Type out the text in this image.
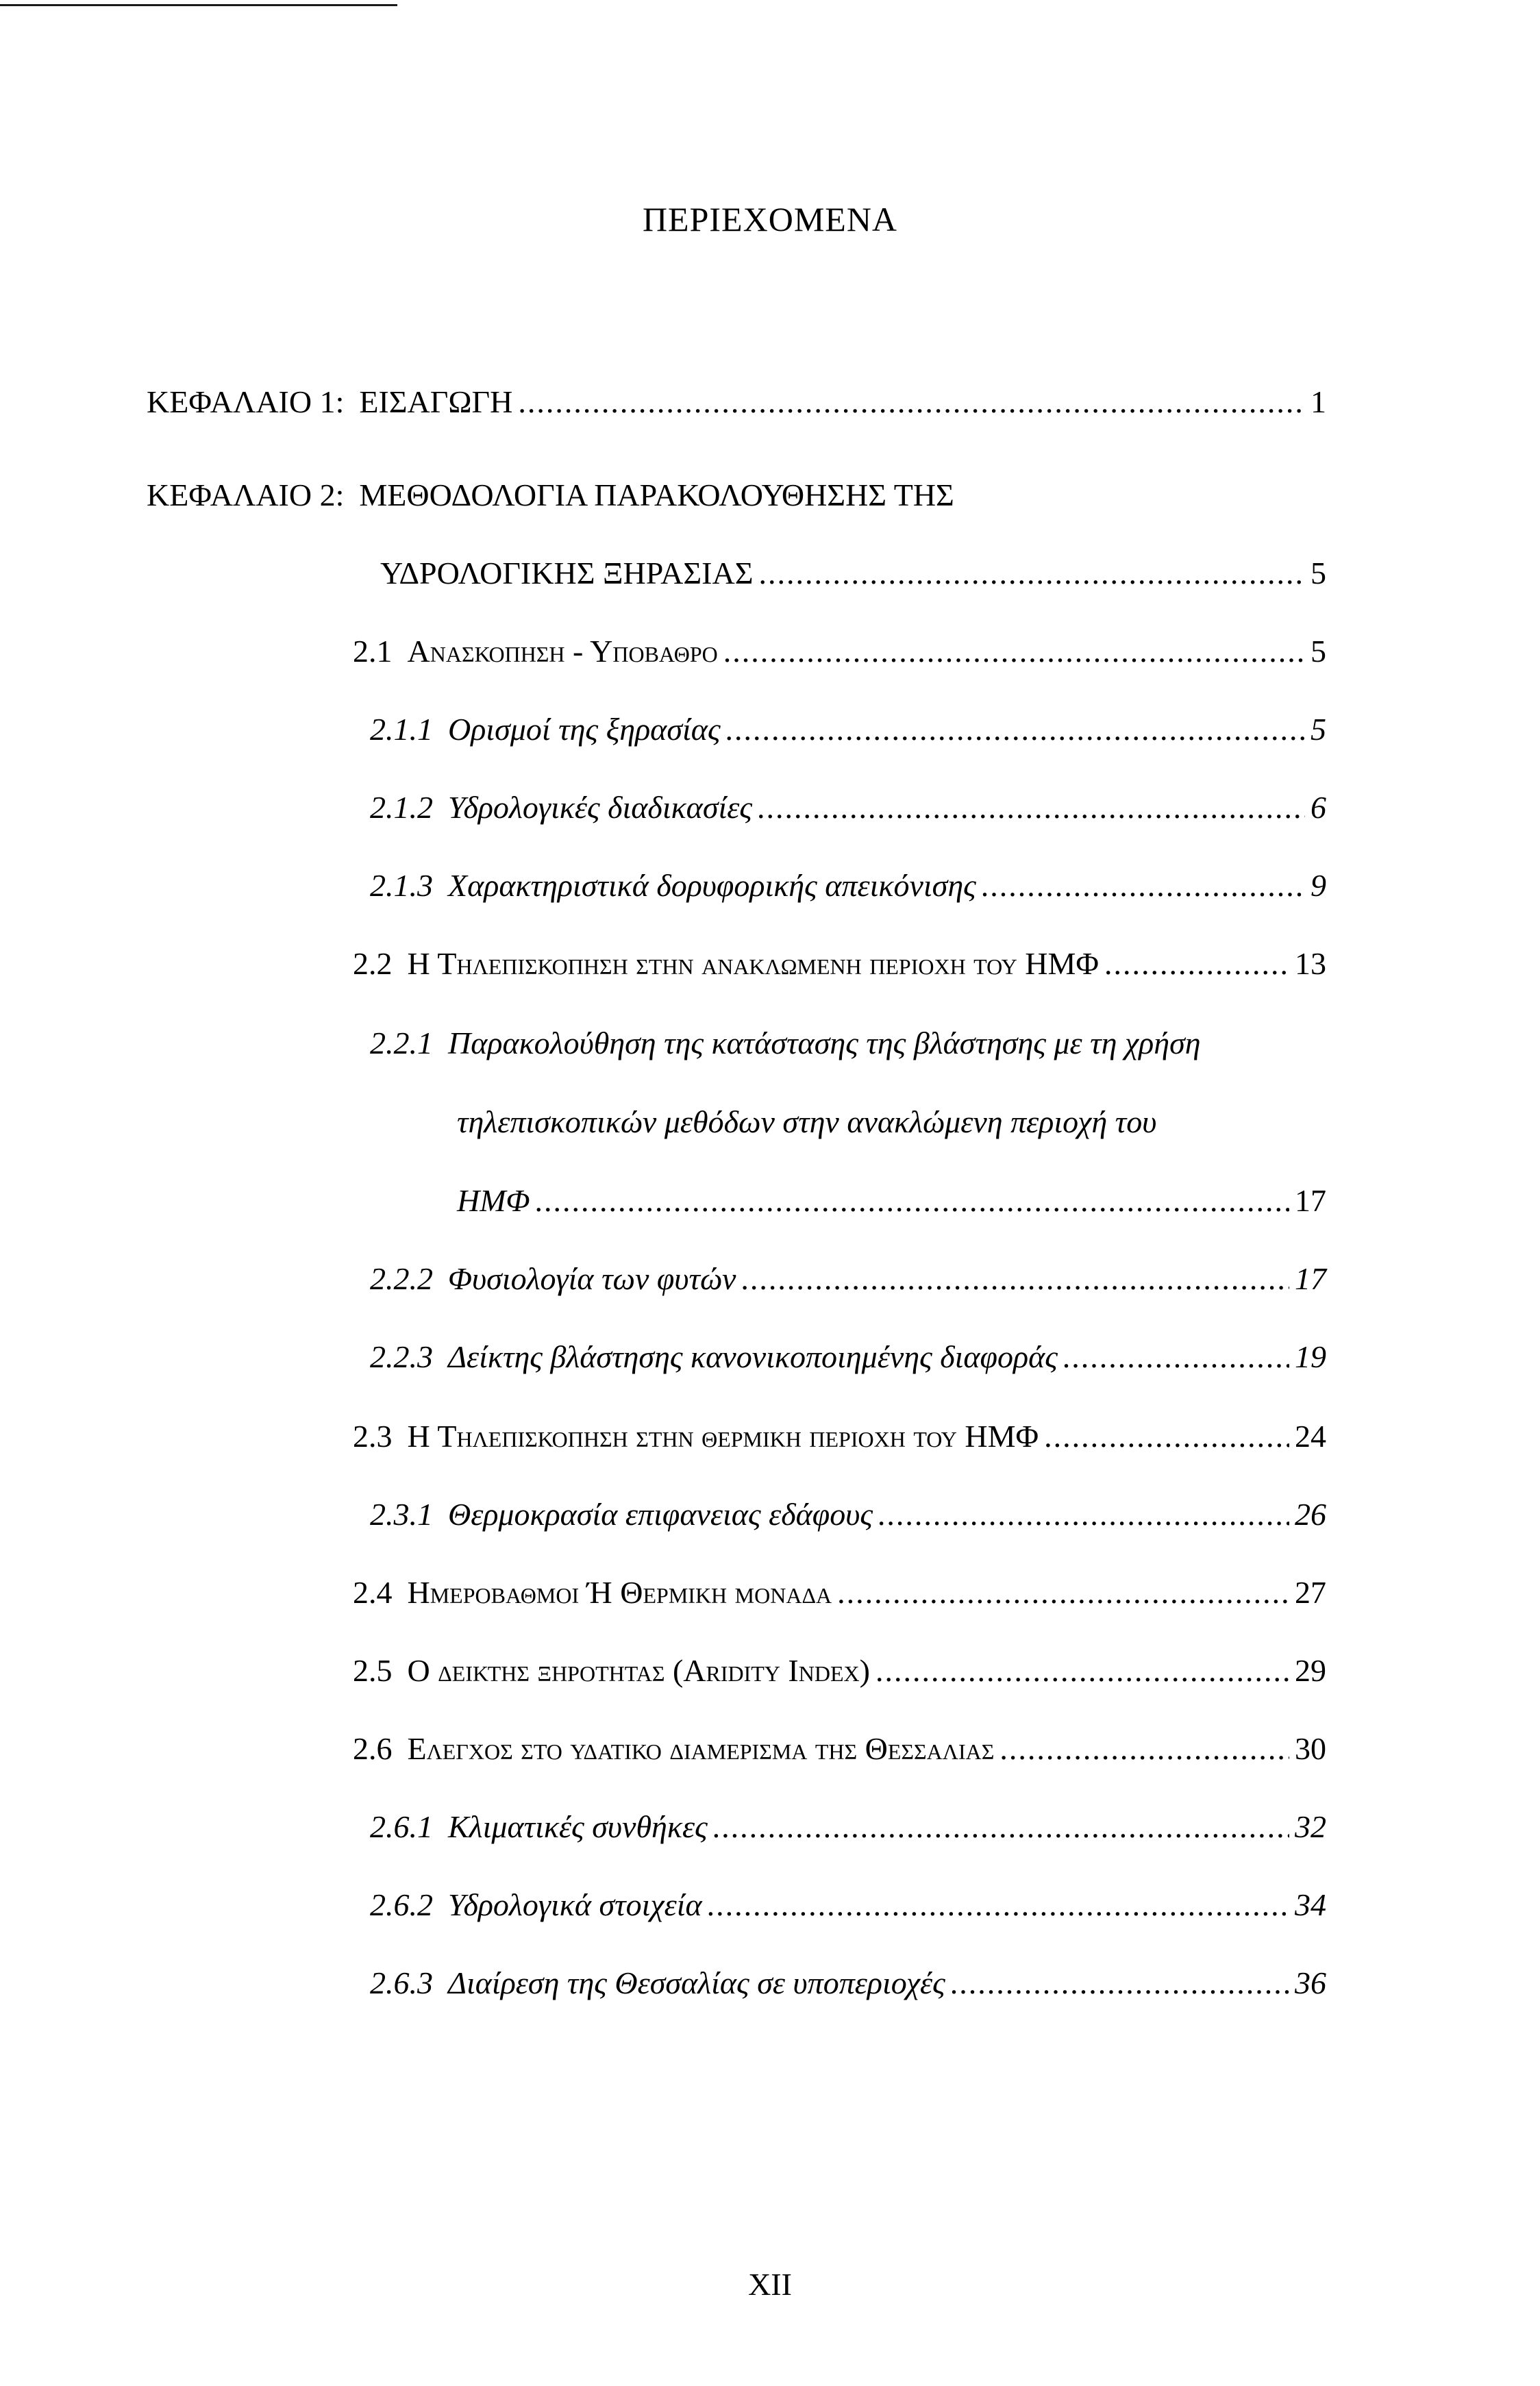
ΠΕΡΙΕΧΟΜΕΝΑ
ΚΕΦΑΛΑΙΟ 1: ΕΙΣΑΓΩΓΗ .....	1
ΚΕΦΑΛΑΙΟ 2: ΜΕΘΟΔΟΛΟΓΙΑ ΠΑΡΑΚΟΛΟΥΘΗΣΗΣ ΤΗΣ
ΥΔΡΟΛΟΓΙΚΗΣ ΞΗΡΑΣΙΑΣ .....	5
2.1 Ανασκοπηση - Υποβαθρο .....	5
2.1.1 Ορισμοί της ξηρασίας .....	5
2.1.2 Υδρολογικές διαδικασίες .....	6
2.1.3 Χαρακτηριστικά δορυφορικής απεικόνισης .....	9
2.2 Η Τηλεπισκοπηση στην ανακλωμενη περιοχη του ΗΜΦ .....	13
2.2.1 Παρακολούθηση της κατάστασης της βλάστησης με τη χρήση
τηλεπισκοπικών μεθόδων στην ανακλώμενη περιοχή του
ΗΜΦ .....	17
2.2.2 Φυσιολογία των φυτών .....	17
2.2.3 Δείκτης βλάστησης κανονικοποιημένης διαφοράς .....	19
2.3 Η Τηλεπισκοπηση στην θερμικη περιοχη του ΗΜΦ .....	24
2.3.1 Θερμοκρασία επιφανειας εδάφους .....	26
2.4 Ημεροβαθμοι Ή Θερμικη μοναδα .....	27
2.5 Ο δεικτης ξηροτητας (Aridity Index) .....	29
2.6 Ελεγχος στο υδατικο διαμερισμα της Θεσσαλιας .....	30
2.6.1 Κλιματικές συνθήκες .....	32
2.6.2 Υδρολογικά στοιχεία .....	34
2.6.3 Διαίρεση της Θεσσαλίας σε υποπεριοχές .....	36
XII
